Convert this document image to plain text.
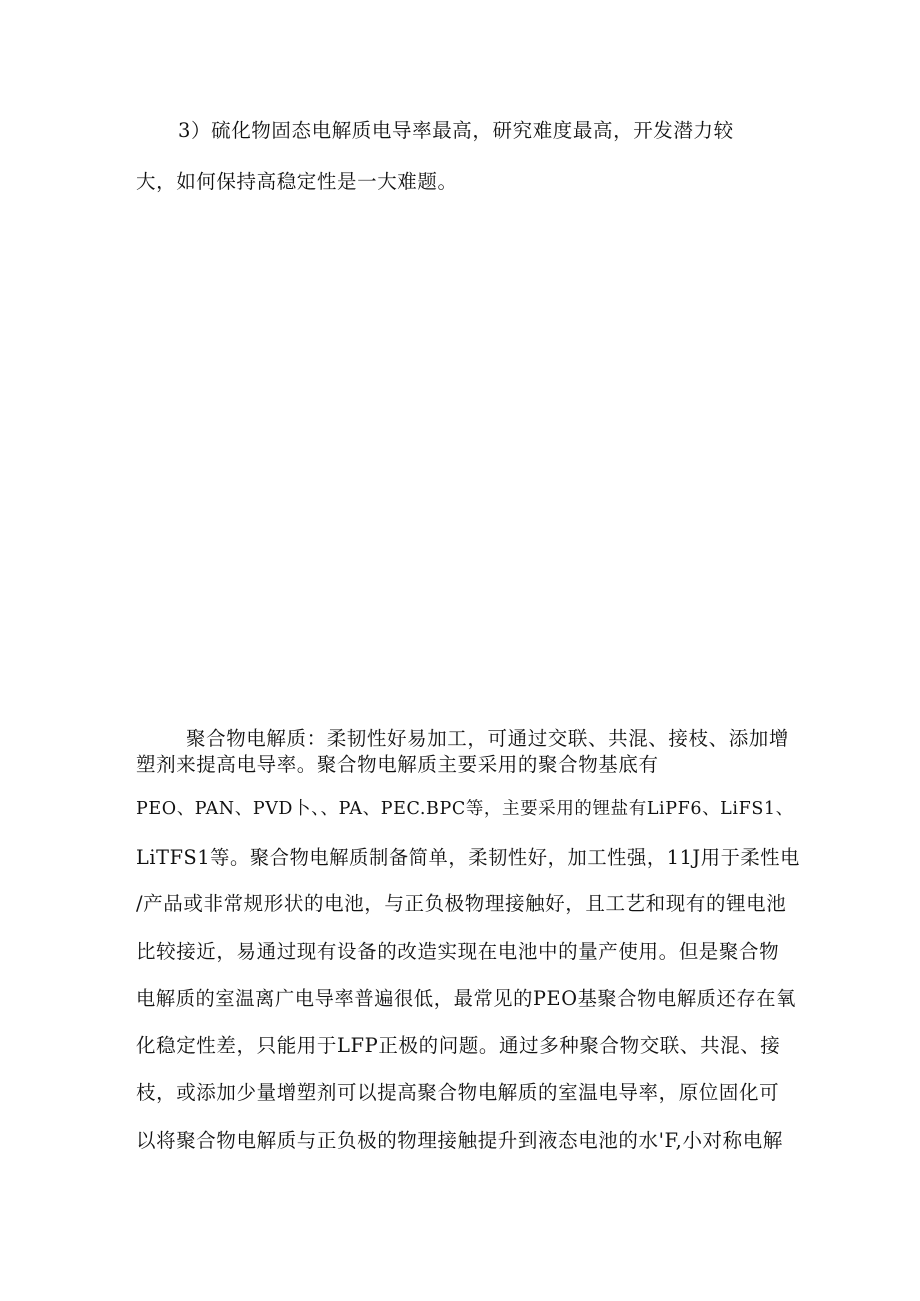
3）硫化物固态电解质电导率最高，研究难度最高，开发潜力较
大，如何保持高稳定性是一大难题。
聚合物电解质：柔韧性好易加工，可通过交联、共混、接枝、添加增
塑剂来提高电导率。聚合物电解质主要采用的聚合物基底有
PEO、PAN、PVD卜、、PA、PEC.BPC等，主要采用的锂盐有LiPF6、LiFS1、
LiTFS1等。聚合物电解质制备简单，柔韧性好，加工性强，11J用于柔性电
/产品或非常规形状的电池，与正负极物理接触好，且工艺和现有的锂电池
比较接近，易通过现有设备的改造实现在电池中的量产使用。但是聚合物
电解质的室温离广电导率普遍很低，最常见的PEO基聚合物电解质还存在氧
化稳定性差，只能用于LFP正极的问题。通过多种聚合物交联、共混、接
枝，或添加少量增塑剂可以提高聚合物电解质的室温电导率，原位固化可
以将聚合物电解质与正负极的物理接触提升到液态电池的水'F,小对称电解
